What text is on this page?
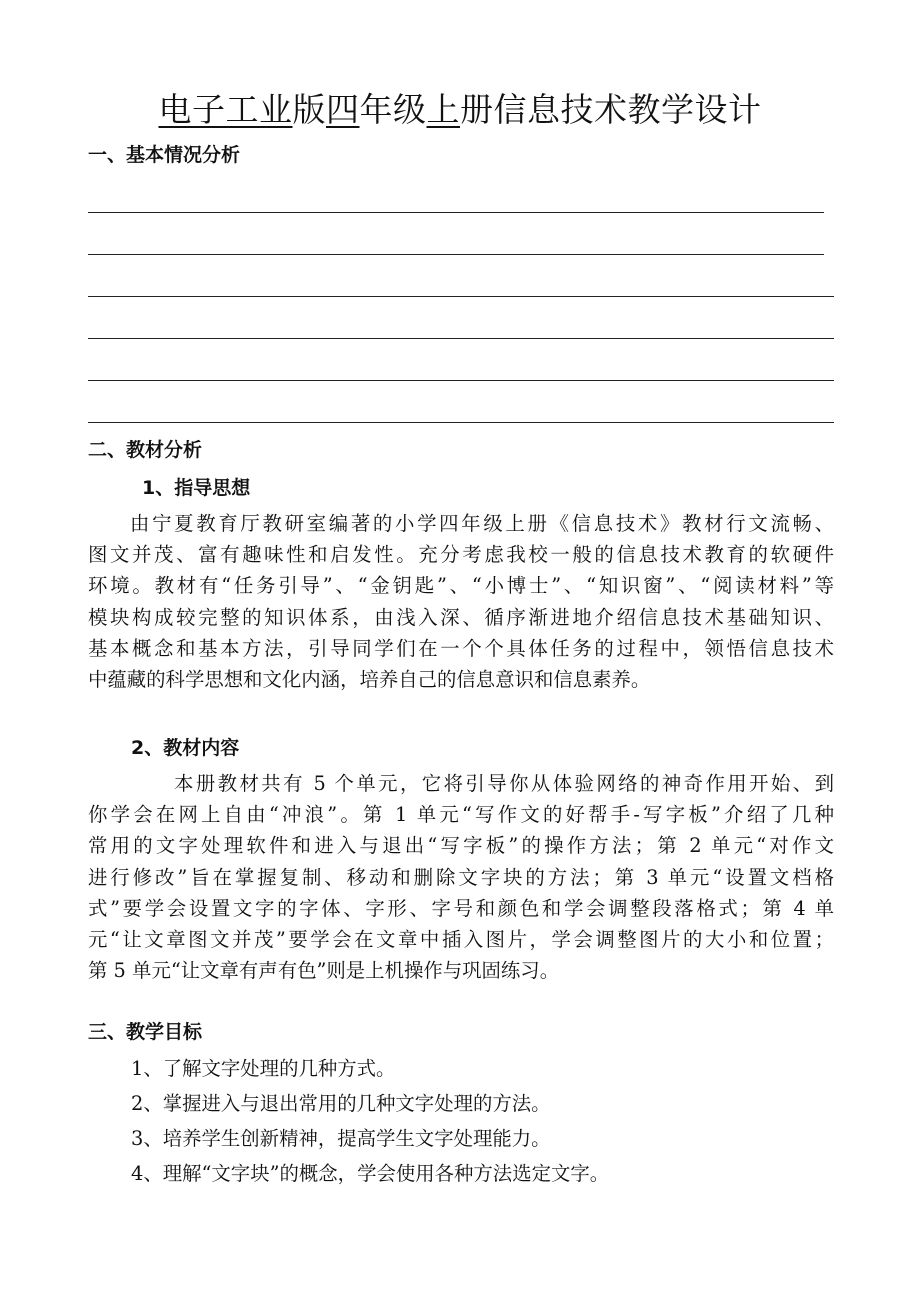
电子工业版四年级上册信息技术教学设计
一、基本情况分析
二、教材分析
1、指导思想
由宁夏教育厅教研室编著的小学四年级上册《信息技术》教材行文流畅、
图文并茂、富有趣味性和启发性。充分考虑我校一般的信息技术教育的软硬件
环境。教材有“任务引导”、“金钥匙”、“小博士”、“知识窗”、“阅读材料”等
模块构成较完整的知识体系，由浅入深、循序渐进地介绍信息技术基础知识、
基本概念和基本方法，引导同学们在一个个具体任务的过程中，领悟信息技术
中蕴藏的科学思想和文化内涵，培养自己的信息意识和信息素养。
2、教材内容
本册教材共有 5 个单元，它将引导你从体验网络的神奇作用开始、到
你学会在网上自由“冲浪”。第 1 单元“写作文的好帮手-写字板”介绍了几种
常用的文字处理软件和进入与退出“写字板”的操作方法；第 2 单元“对作文
进行修改”旨在掌握复制、移动和删除文字块的方法；第 3 单元“设置文档格
式”要学会设置文字的字体、字形、字号和颜色和学会调整段落格式；第 4 单
元“让文章图文并茂”要学会在文章中插入图片，学会调整图片的大小和位置；
第 5 单元“让文章有声有色”则是上机操作与巩固练习。
三、教学目标
1、了解文字处理的几种方式。
2、掌握进入与退出常用的几种文字处理的方法。
3、培养学生创新精神，提高学生文字处理能力。
4、理解“文字块”的概念，学会使用各种方法选定文字。
